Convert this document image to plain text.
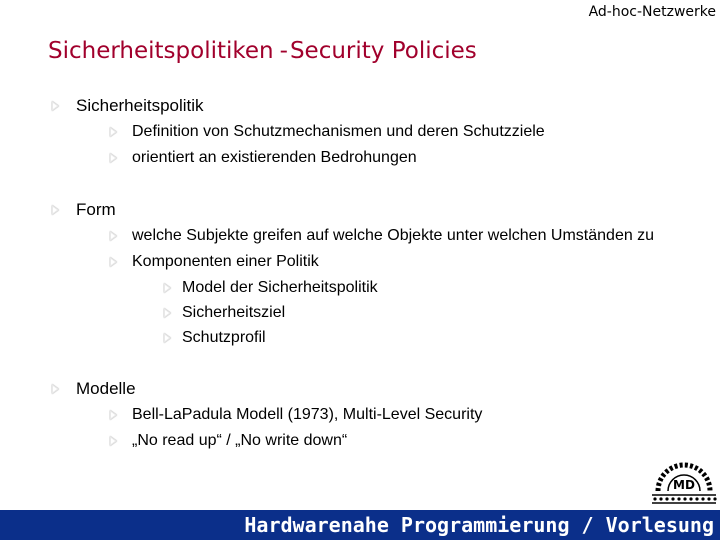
Ad-hoc-Netzwerke
Sicherheitspolitiken -Security Policies
Sicherheitspolitik
Definition von Schutzmechanismen und deren Schutzziele
orientiert an existierenden Bedrohungen
Form
welche Subjekte greifen auf welche Objekte unter welchen Umständen zu
Komponenten einer Politik
Model der Sicherheitspolitik
Sicherheitsziel
Schutzprofil
Modelle
Bell-LaPadula Modell (1973), Multi-Level Security
„No read up“ / „No write down“
MD
Hardwarenahe Programmierung / Vorlesung
